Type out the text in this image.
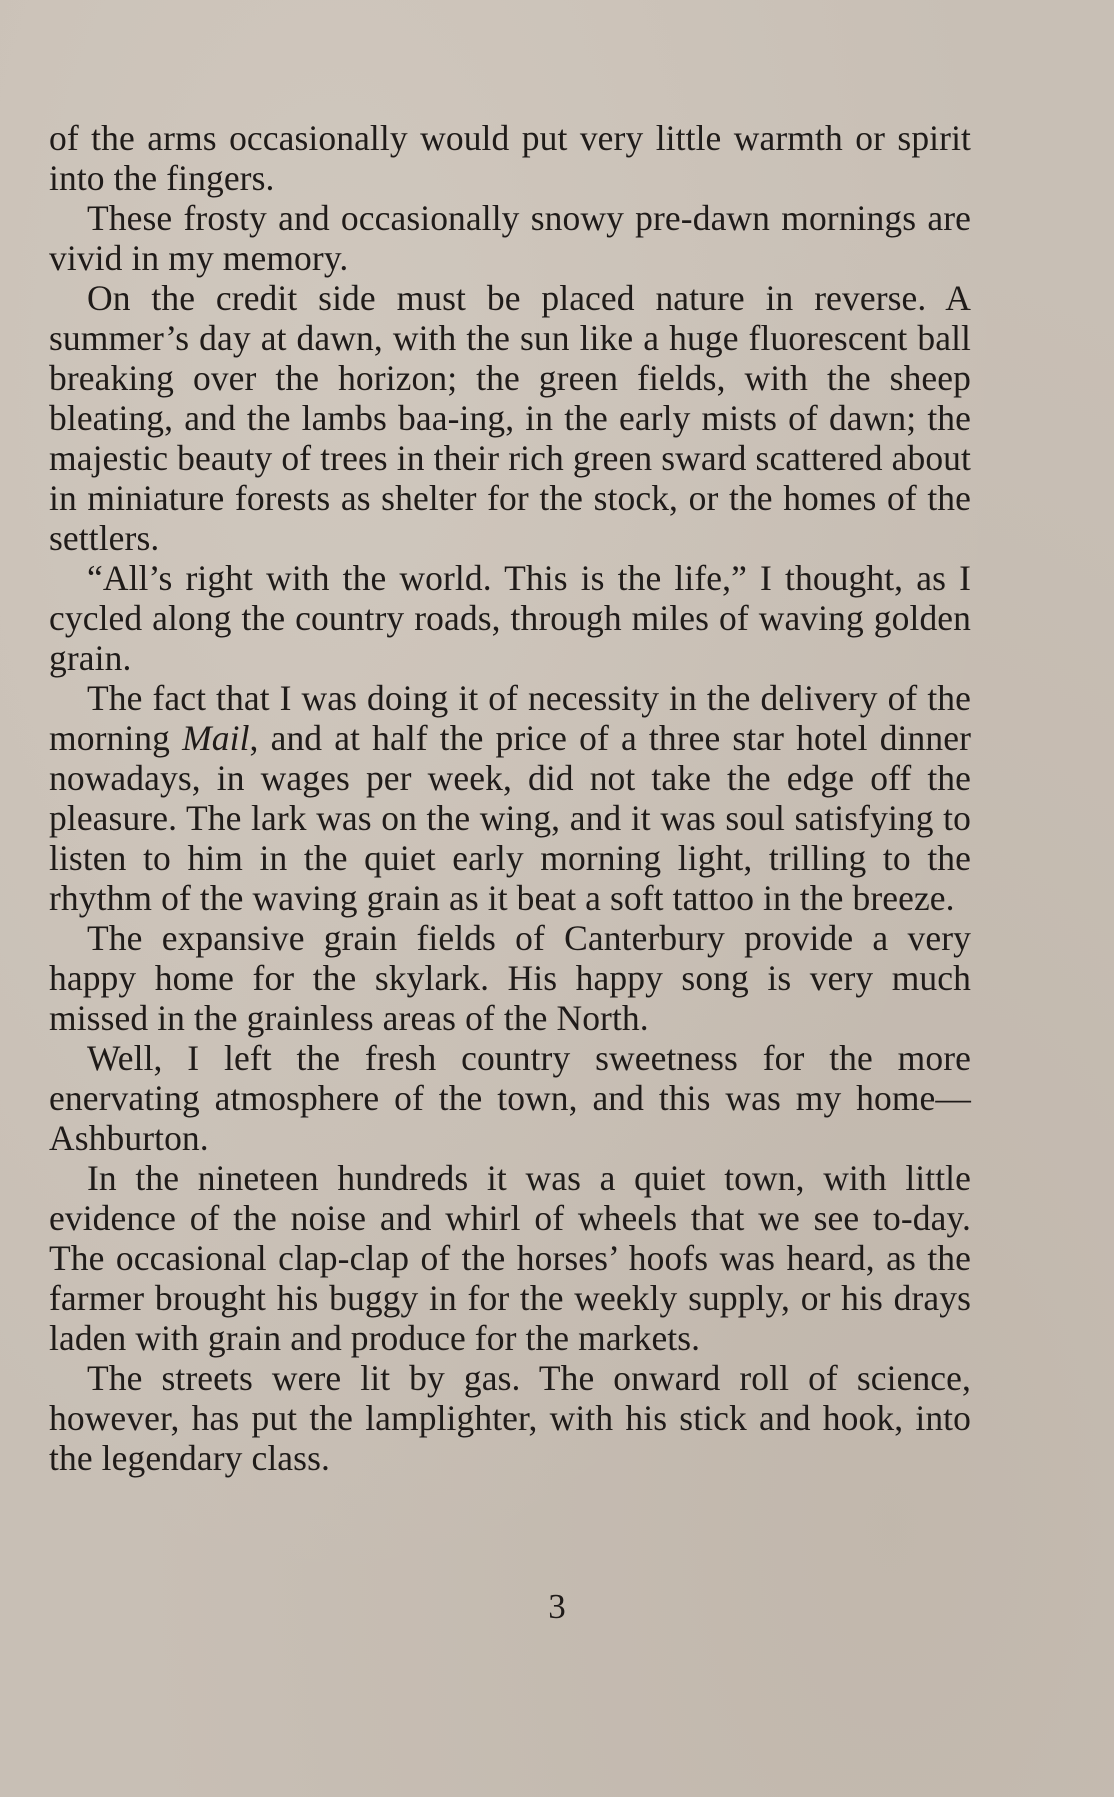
of the arms occasionally would put very little warmth or spirit into the fingers.

These frosty and occasionally snowy pre-dawn mornings are vivid in my memory.

On the credit side must be placed nature in reverse. A summer’s day at dawn, with the sun like a huge fluorescent ball breaking over the horizon; the green fields, with the sheep bleating, and the lambs baa-ing, in the early mists of dawn; the majestic beauty of trees in their rich green sward scattered about in miniature forests as shelter for the stock, or the homes of the settlers.

“All’s right with the world. This is the life,” I thought, as I cycled along the country roads, through miles of waving golden grain.

The fact that I was doing it of necessity in the delivery of the morning Mail, and at half the price of a three star hotel dinner nowadays, in wages per week, did not take the edge off the pleasure. The lark was on the wing, and it was soul satisfying to listen to him in the quiet early morning light, trilling to the rhythm of the waving grain as it beat a soft tattoo in the breeze.

The expansive grain fields of Canterbury provide a very happy home for the skylark. His happy song is very much missed in the grainless areas of the North.

Well, I left the fresh country sweetness for the more enervating atmosphere of the town, and this was my home—Ashburton.

In the nineteen hundreds it was a quiet town, with little evidence of the noise and whirl of wheels that we see to-day. The occasional clap-clap of the horses’ hoofs was heard, as the farmer brought his buggy in for the weekly supply, or his drays laden with grain and produce for the markets.

The streets were lit by gas. The onward roll of science, however, has put the lamplighter, with his stick and hook, into the legendary class.

3
